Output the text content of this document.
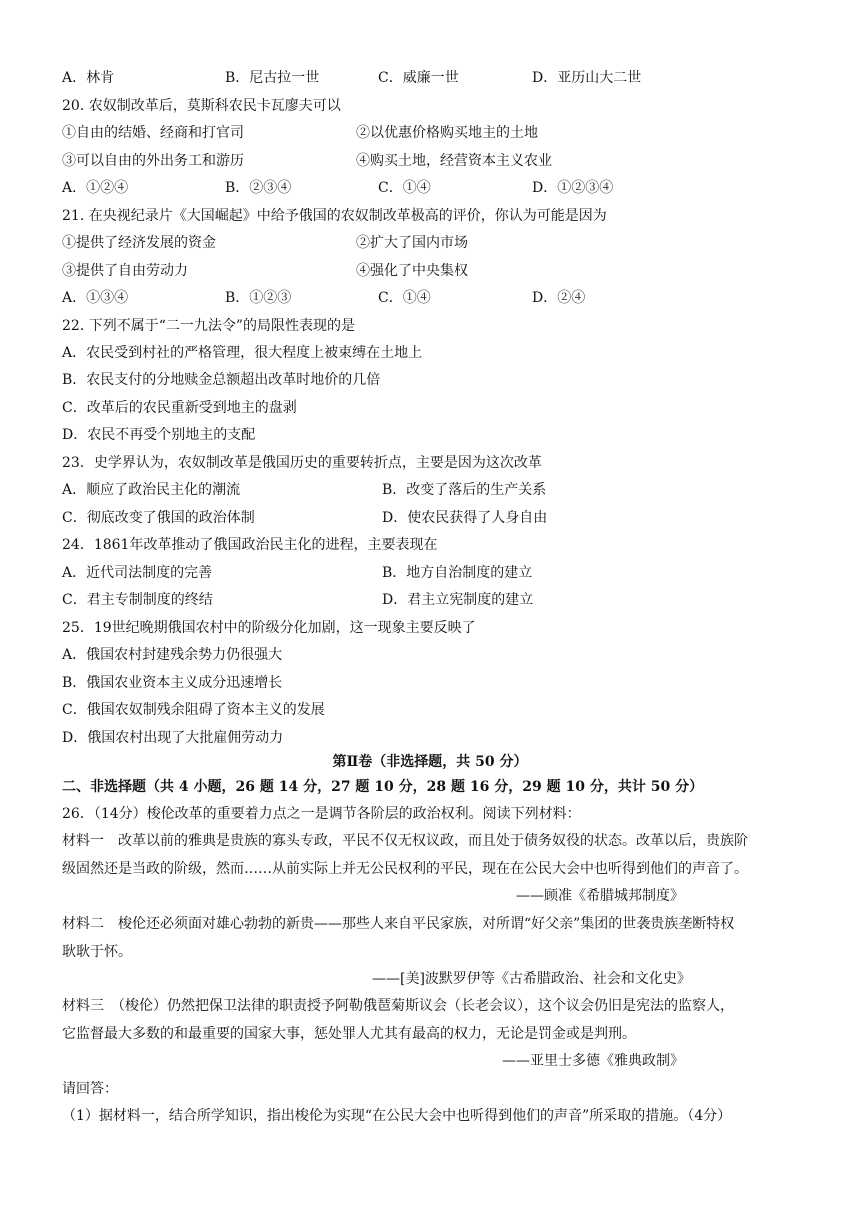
A．林肯	B．尼古拉一世	C．威廉一世	D．亚历山大二世
20. 农奴制改革后，莫斯科农民卡瓦廖夫可以
①自由的结婚、经商和打官司	②以优惠价格购买地主的土地
③可以自由的外出务工和游历	④购买土地，经营资本主义农业
A．①②④	B．②③④	C．①④	D．①②③④
21. 在央视纪录片《大国崛起》中给予俄国的农奴制改革极高的评价，你认为可能是因为
①提供了经济发展的资金	②扩大了国内市场
③提供了自由劳动力	④强化了中央集权
A．①③④	B．①②③	C．①④	D．②④
22. 下列不属于“二一九法令”的局限性表现的是
A．农民受到村社的严格管理，很大程度上被束缚在土地上
B．农民支付的分地赎金总额超出改革时地价的几倍
C．改革后的农民重新受到地主的盘剥
D．农民不再受个别地主的支配
23．史学界认为，农奴制改革是俄国历史的重要转折点，主要是因为这次改革
A．顺应了政治民主化的潮流	B．改变了落后的生产关系
C．彻底改变了俄国的政治体制	D．使农民获得了人身自由
24．1861年改革推动了俄国政治民主化的进程，主要表现在
A．近代司法制度的完善	B．地方自治制度的建立
C．君主专制制度的终结	D．君主立宪制度的建立
25．19世纪晚期俄国农村中的阶级分化加剧，这一现象主要反映了
A．俄国农村封建残余势力仍很强大
B．俄国农业资本主义成分迅速增长
C．俄国农奴制残余阻碍了资本主义的发展
D．俄国农村出现了大批雇佣劳动力
第Ⅱ卷（非选择题，共 50 分）
二、非选择题（共 4 小题，26 题 14 分，27 题 10 分，28 题 16 分，29 题 10 分，共计 50 分）
26．（14分）梭伦改革的重要着力点之一是调节各阶层的政治权利。阅读下列材料：
材料一　改革以前的雅典是贵族的寡头专政，平民不仅无权议政，而且处于债务奴役的状态。改革以后，贵族阶
级固然还是当政的阶级，然而……从前实际上并无公民权利的平民，现在在公民大会中也听得到他们的声音了。
——顾准《希腊城邦制度》
材料二　梭伦还必须面对雄心勃勃的新贵——那些人来自平民家族，对所谓“好父亲”集团的世袭贵族垄断特权
耿耿于怀。
——[美]波默罗伊等《古希腊政治、社会和文化史》
材料三　（梭伦）仍然把保卫法律的职责授予阿勒俄琶菊斯议会（长老会议），这个议会仍旧是宪法的监察人，
它监督最大多数的和最重要的国家大事，惩处罪人尤其有最高的权力，无论是罚金或是判刑。
——亚里士多德《雅典政制》
请回答：
（1）据材料一，结合所学知识，指出梭伦为实现“在公民大会中也听得到他们的声音”所采取的措施。（4分）
